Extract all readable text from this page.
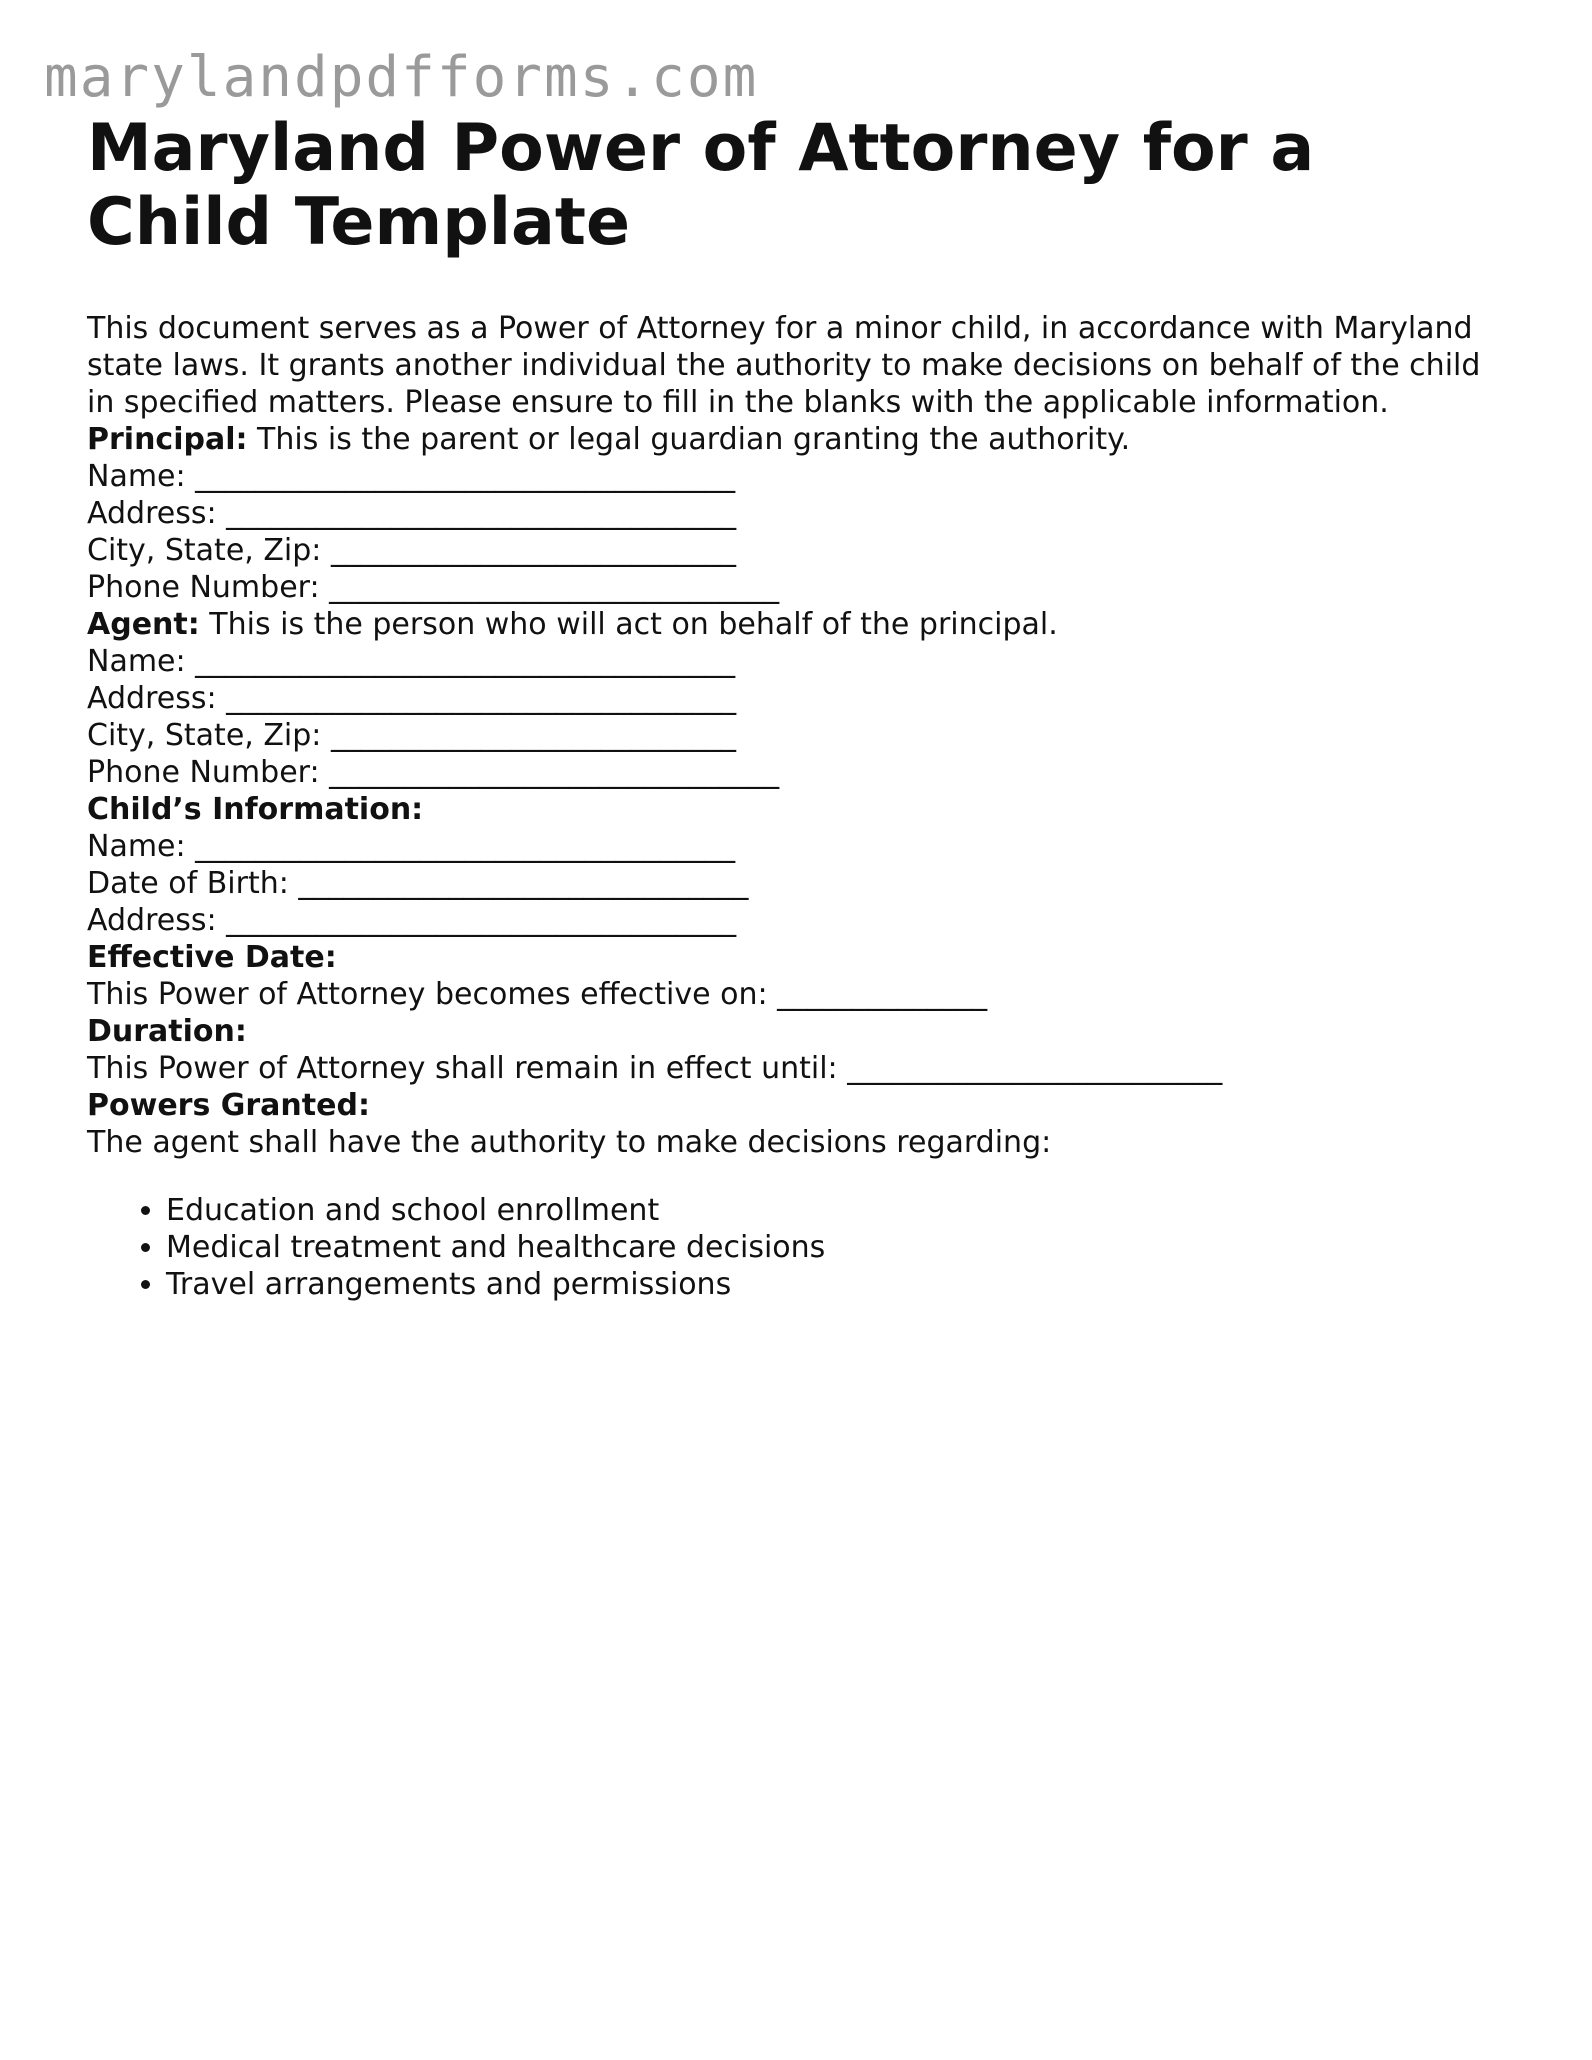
marylandpdfforms.com
Maryland Power of Attorney for a Child Template

This document serves as a Power of Attorney for a minor child, in accordance with Maryland state laws. It grants another individual the authority to make decisions on behalf of the child in specified matters. Please ensure to fill in the blanks with the applicable information.

Principal: This is the parent or legal guardian granting the authority.

Name: ____________________________________

Address: __________________________________

City, State, Zip: ___________________________

Phone Number: ______________________________

Agent: This is the person who will act on behalf of the principal.

Name: ____________________________________

Address: __________________________________

City, State, Zip: ___________________________

Phone Number: ______________________________

Child’s Information:

Name: ____________________________________

Date of Birth: ______________________________

Address: __________________________________

Effective Date:

This Power of Attorney becomes effective on: ______________

Duration:

This Power of Attorney shall remain in effect until: _________________________

Powers Granted:

The agent shall have the authority to make decisions regarding:

• Education and school enrollment
• Medical treatment and healthcare decisions
• Travel arrangements and permissions
